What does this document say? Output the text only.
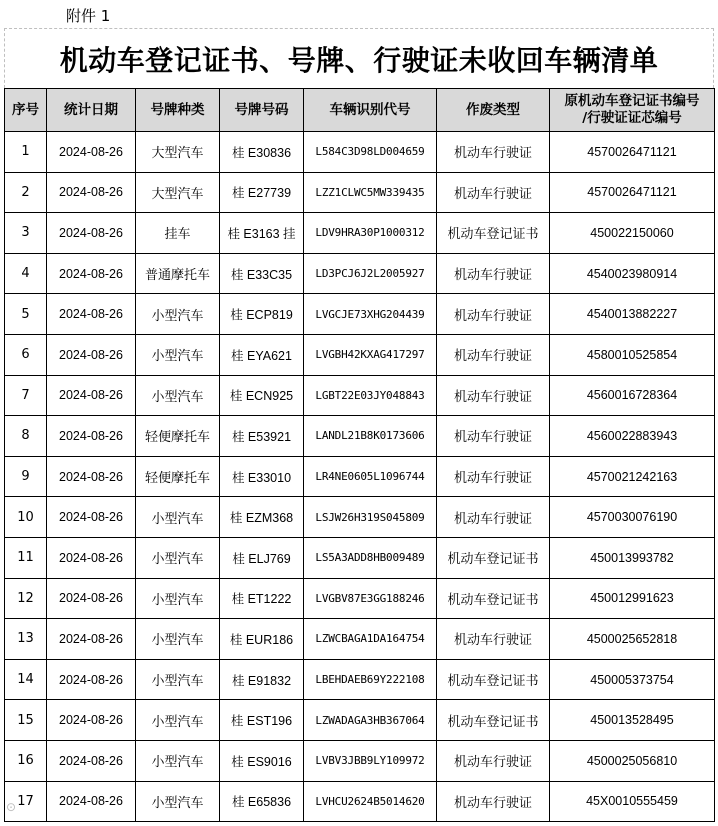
附件 1
机动车登记证书、号牌、行驶证未收回车辆清单
序号	统计日期	号牌种类	号牌号码	车辆识别代号	作废类型	原机动车登记证书编号
/行驶证证芯编号
1	2024-08-26	大型汽车	桂 E30836	L584C3D98LD004659	机动车行驶证	4570026471121
2	2024-08-26	大型汽车	桂 E27739	LZZ1CLWC5MW339435	机动车行驶证	4570026471121
3	2024-08-26	挂车	桂 E3163 挂	LDV9HRA30P1000312	机动车登记证书	450022150060
4	2024-08-26	普通摩托车	桂 E33C35	LD3PCJ6J2L2005927	机动车行驶证	4540023980914
5	2024-08-26	小型汽车	桂 ECP819	LVGCJE73XHG204439	机动车行驶证	4540013882227
6	2024-08-26	小型汽车	桂 EYA621	LVGBH42KXAG417297	机动车行驶证	4580010525854
7	2024-08-26	小型汽车	桂 ECN925	LGBT22E03JY048843	机动车行驶证	4560016728364
8	2024-08-26	轻便摩托车	桂 E53921	LANDL21B8K0173606	机动车行驶证	4560022883943
9	2024-08-26	轻便摩托车	桂 E33010	LR4NE0605L1096744	机动车行驶证	4570021242163
10	2024-08-26	小型汽车	桂 EZM368	LSJW26H319S045809	机动车行驶证	4570030076190
11	2024-08-26	小型汽车	桂 ELJ769	LS5A3ADD8HB009489	机动车登记证书	450013993782
12	2024-08-26	小型汽车	桂 ET1222	LVGBV87E3GG188246	机动车登记证书	450012991623
13	2024-08-26	小型汽车	桂 EUR186	LZWCBAGA1DA164754	机动车行驶证	4500025652818
14	2024-08-26	小型汽车	桂 E91832	LBEHDAEB69Y222108	机动车登记证书	450005373754
15	2024-08-26	小型汽车	桂 EST196	LZWADAGA3HB367064	机动车登记证书	450013528495
16	2024-08-26	小型汽车	桂 ES9016	LVBV3JBB9LY109972	机动车行驶证	4500025056810
17	2024-08-26	小型汽车	桂 E65836	LVHCU2624B5014620	机动车行驶证	45X0010555459
⊙
